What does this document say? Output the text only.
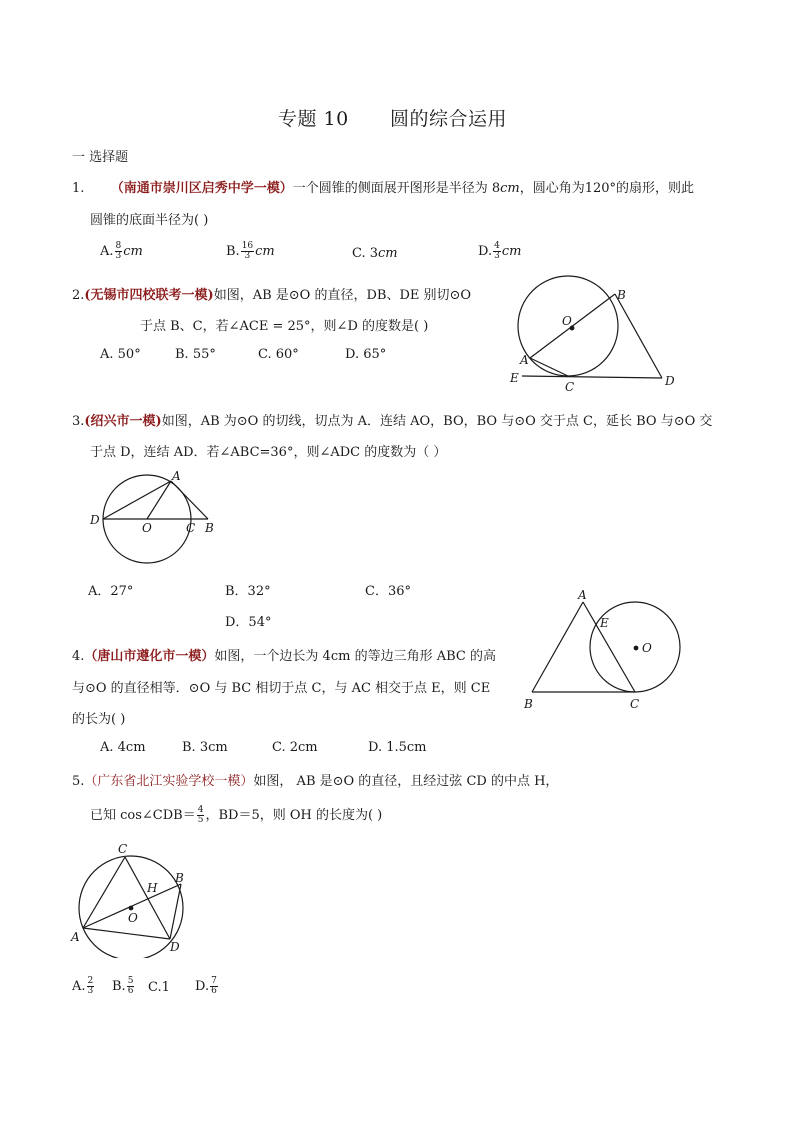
专题 10 圆的综合运用
一 选择题
1. （南通市崇川区启秀中学一模）一个圆锥的侧面展开图形是半径为 8cm，圆心角为120°的扇形，则此
圆锥的底面半径为( )
A. $\frac{8}{3}$ cm	B. $\frac{16}{3}$ cm	C. 3cm	D. $\frac{4}{3}$ cm
2.(无锡市四校联考一模)如图，AB 是⊙O 的直径，DB、DE 别切⊙O
于点 B、C，若∠ACE = 25°，则∠D 的度数是( )
A. 50°	B. 55°	C. 60°	D. 65°
O
B
A
E
C	D
3.(绍兴市一模)如图，AB 为⊙O 的切线，切点为 A．连结 AO，BO，BO 与⊙O 交于点 C，延长 BO 与⊙O 交
于点 D，连结 AD．若∠ABC=36°，则∠ADC 的度数为（ ）
A
D
O	C B
A．27°	B．32°	C．36°
D．54°
4.（唐山市遵化市一模）如图，一个边长为 4cm 的等边三角形 ABC 的高
与⊙O 的直径相等．⊙O 与 BC 相切于点 C，与 AC 相交于点 E，则 CE
的长为( )
A. 4cm	B. 3cm	C. 2cm	D. 1.5cm
A
E
O
B	C
5.（广东省北江实验学校一模）如图， AB 是⊙O 的直径，且经过弦 CD 的中点 H，
已知 cos∠CDB＝ $\frac{4}{5}$ ，BD＝5，则 OH 的长度为( )
C
H
B
O
A
D
A. $\frac{2}{3} B$. $\frac{5}{6} C.1$ D. $\frac{7}{6}$
